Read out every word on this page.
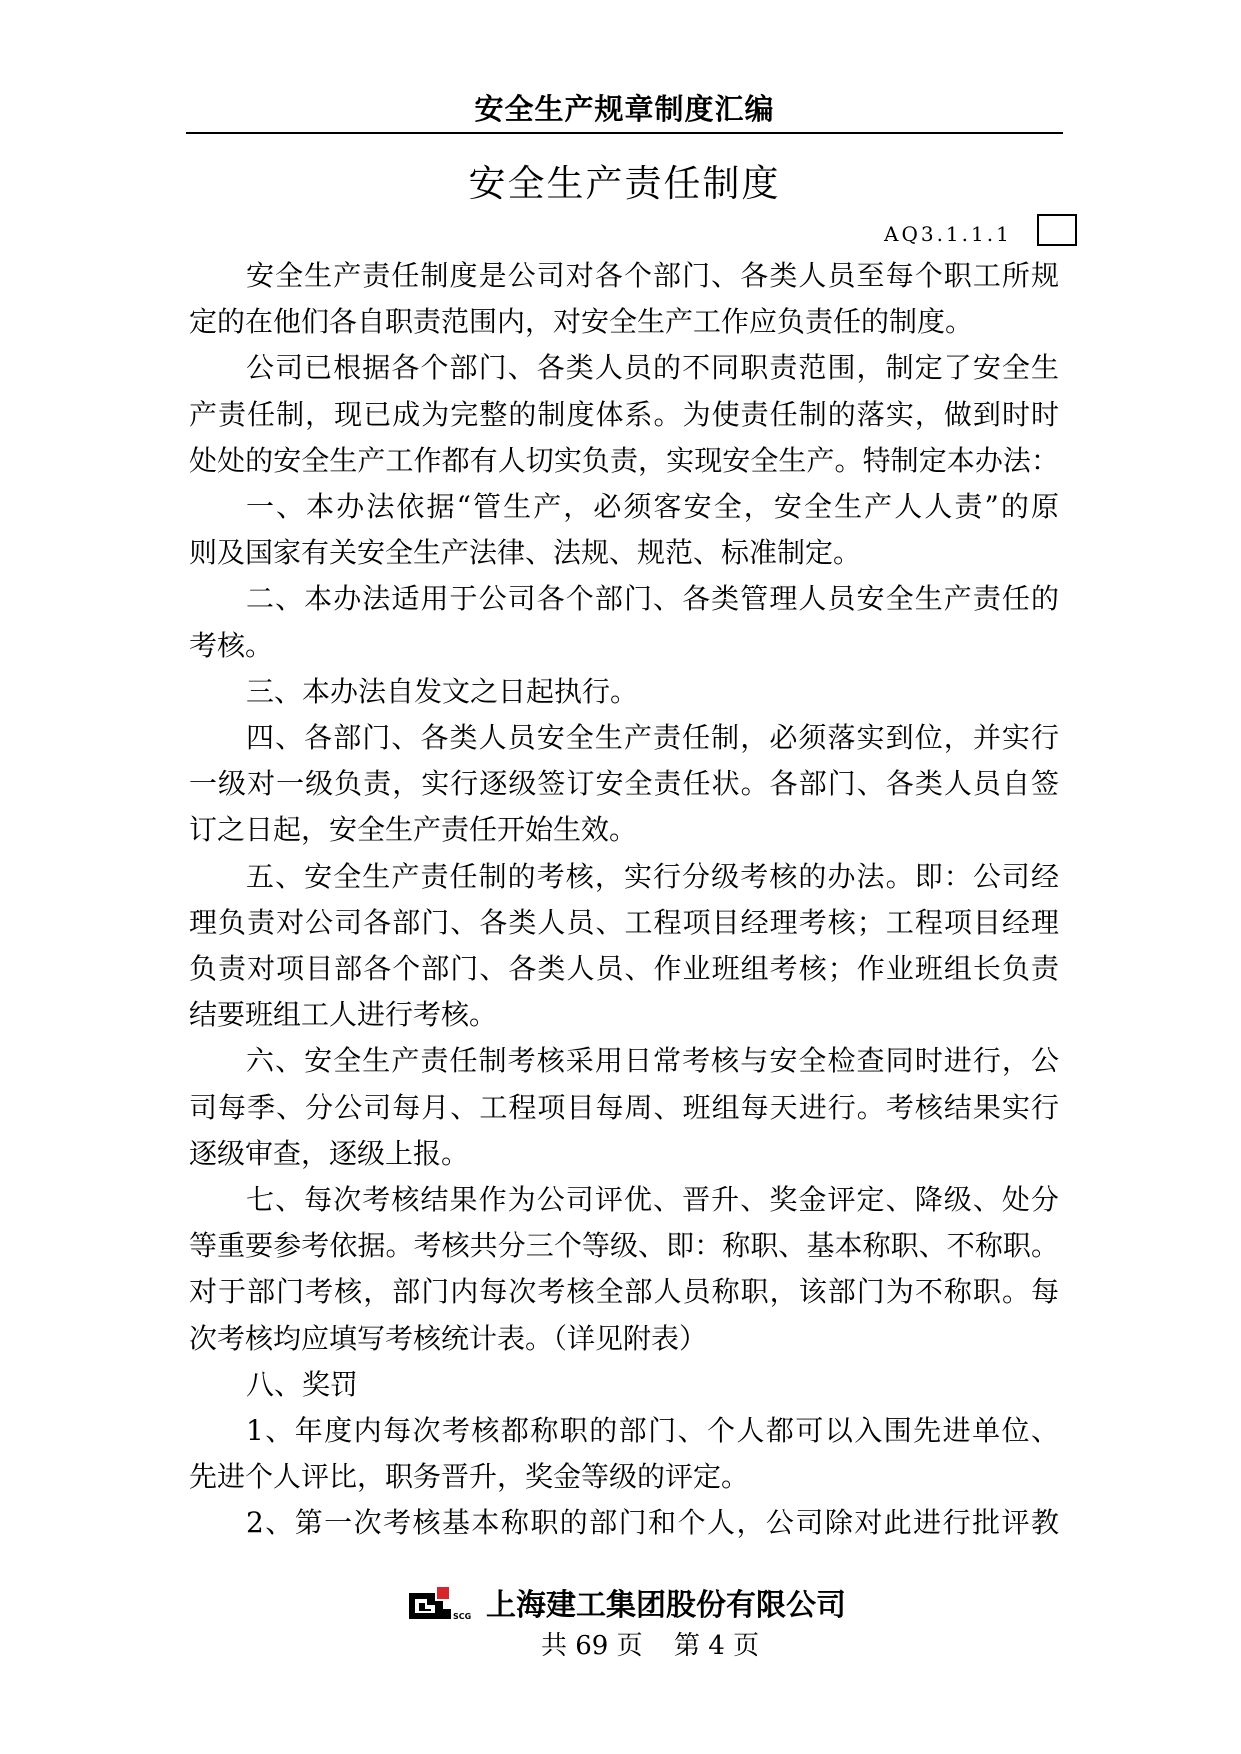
安全生产规章制度汇编
安全生产责任制度
AQ3.1.1.1
安全生产责任制度是公司对各个部门、各类人员至每个职工所规
定的在他们各自职责范围内，对安全生产工作应负责任的制度。
公司已根据各个部门、各类人员的不同职责范围，制定了安全生
产责任制，现已成为完整的制度体系。为使责任制的落实，做到时时
处处的安全生产工作都有人切实负责，实现安全生产。特制定本办法：
一、本办法依据“管生产，必须客安全，安全生产人人责”的原
则及国家有关安全生产法律、法规、规范、标准制定。
二、本办法适用于公司各个部门、各类管理人员安全生产责任的
考核。
三、本办法自发文之日起执行。
四、各部门、各类人员安全生产责任制，必须落实到位，并实行
一级对一级负责，实行逐级签订安全责任状。各部门、各类人员自签
订之日起，安全生产责任开始生效。
五、安全生产责任制的考核，实行分级考核的办法。即：公司经
理负责对公司各部门、各类人员、工程项目经理考核；工程项目经理
负责对项目部各个部门、各类人员、作业班组考核；作业班组长负责
结要班组工人进行考核。
六、安全生产责任制考核采用日常考核与安全检查同时进行，公
司每季、分公司每月、工程项目每周、班组每天进行。考核结果实行
逐级审查，逐级上报。
七、每次考核结果作为公司评优、晋升、奖金评定、降级、处分
等重要参考依据。考核共分三个等级、即：称职、基本称职、不称职。
对于部门考核，部门内每次考核全部人员称职，该部门为不称职。每
次考核均应填写考核统计表。（详见附表）
八、奖罚
1、年度内每次考核都称职的部门、个人都可以入围先进单位、
先进个人评比，职务晋升，奖金等级的评定。
2、第一次考核基本称职的部门和个人，公司除对此进行批评教
SCG 上海建工集团股份有限公司
共 69 页 第 4 页
